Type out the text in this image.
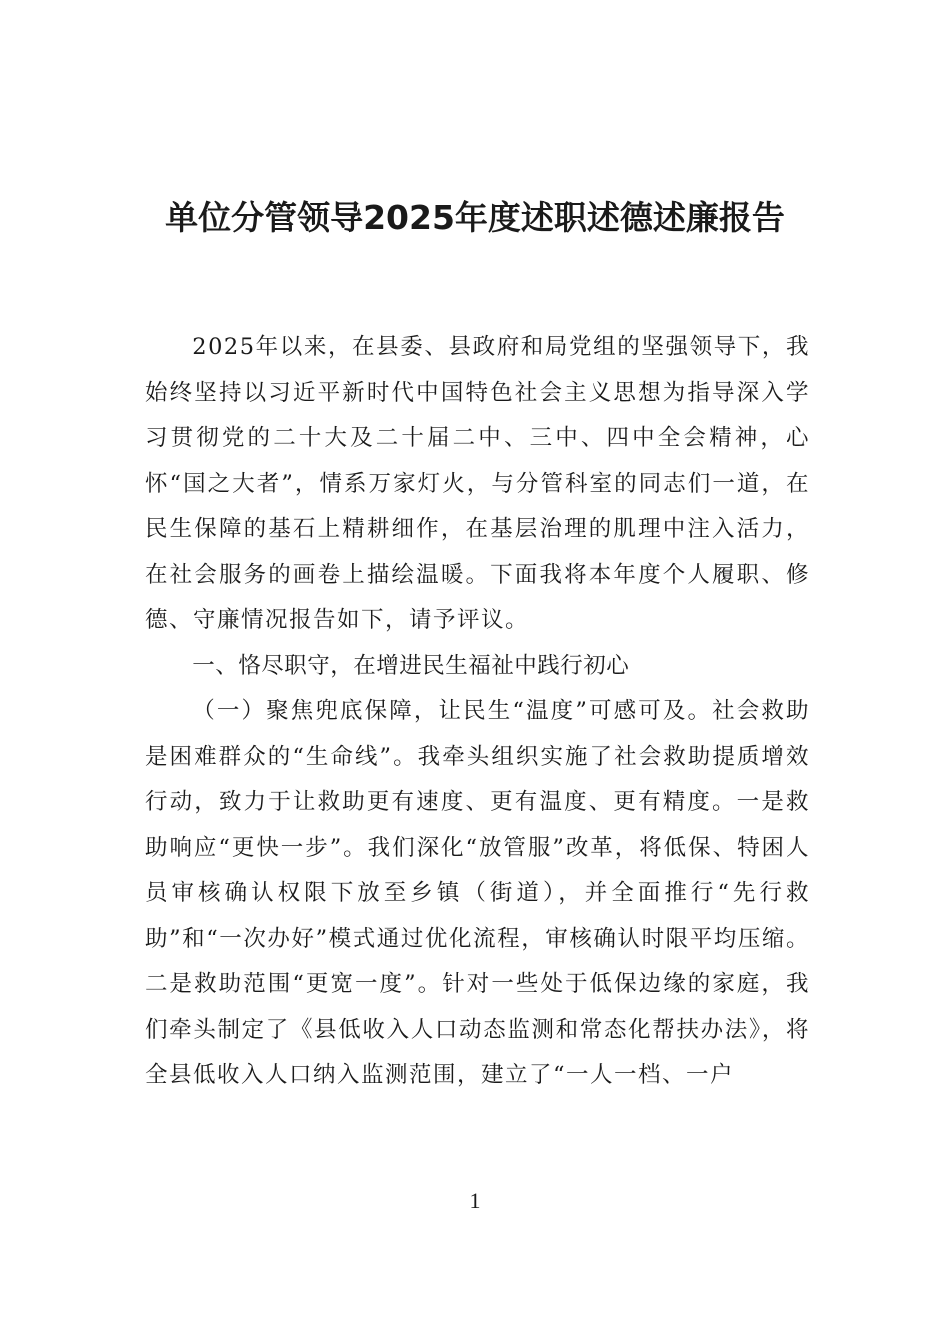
单位分管领导2025年度述职述德述廉报告

2025年以来，在县委、县政府和局党组的坚强领导下，我始终坚持以习近平新时代中国特色社会主义思想为指导深入学习贯彻党的二十大及二十届二中、三中、四中全会精神，心怀“国之大者”，情系万家灯火，与分管科室的同志们一道，在民生保障的基石上精耕细作，在基层治理的肌理中注入活力，在社会服务的画卷上描绘温暖。下面我将本年度个人履职、修德、守廉情况报告如下，请予评议。

一、恪尽职守，在增进民生福祉中践行初心

（一）聚焦兜底保障，让民生“温度”可感可及。社会救助是困难群众的“生命线”。我牵头组织实施了社会救助提质增效行动，致力于让救助更有速度、更有温度、更有精度。一是救助响应“更快一步”。我们深化“放管服”改革，将低保、特困人员审核确认权限下放至乡镇（街道），并全面推行“先行救助”和“一次办好”模式通过优化流程，审核确认时限平均压缩。二是救助范围“更宽一度”。针对一些处于低保边缘的家庭，我们牵头制定了《县低收入人口动态监测和常态化帮扶办法》，将全县低收入人口纳入监测范围，建立了“一人一档、一户

1
